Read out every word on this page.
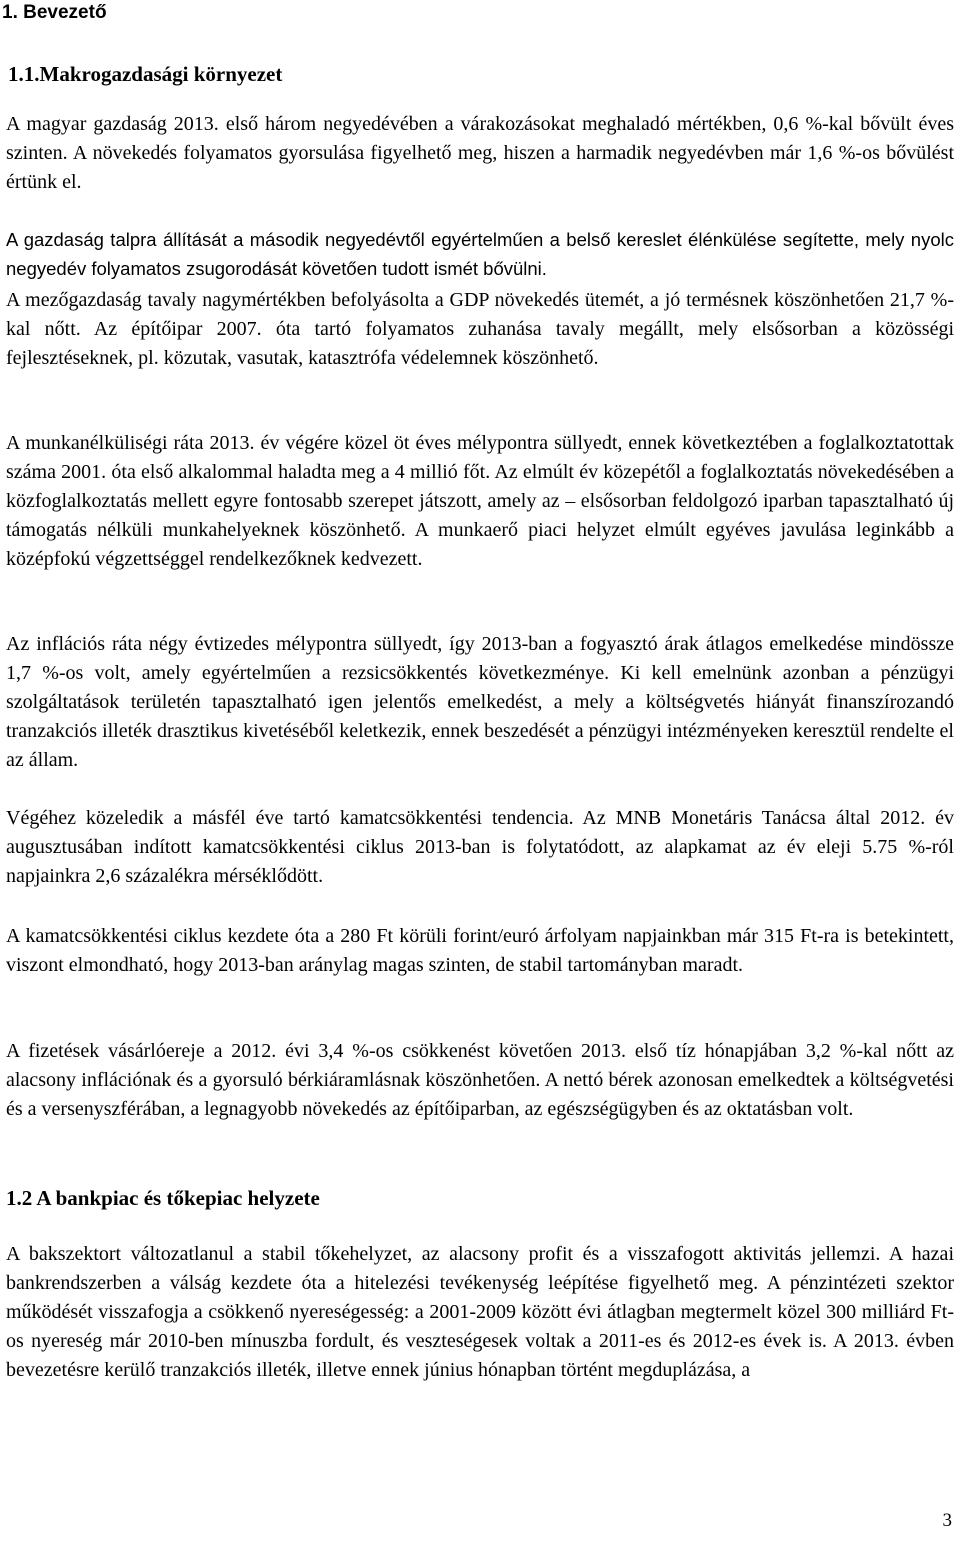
1. Bevezető
1.1.Makrogazdasági környezet

A magyar gazdaság 2013. első három negyedévében a várakozásokat meghaladó mértékben, 0,6 %-kal bővült éves szinten. A növekedés folyamatos gyorsulása figyelhető meg, hiszen a harmadik negyedévben már 1,6 %-os bővülést értünk el.

A gazdaság talpra állítását a második negyedévtől egyértelműen a belső kereslet élénkülése segítette, mely nyolc negyedév folyamatos zsugorodását követően tudott ismét bővülni.

A mezőgazdaság tavaly nagymértékben befolyásolta a GDP növekedés ütemét, a jó termésnek köszönhetően 21,7 %-kal nőtt. Az építőipar 2007. óta tartó folyamatos zuhanása tavaly megállt, mely elsősorban a közösségi fejlesztéseknek, pl. közutak, vasutak, katasztrófa védelemnek köszönhető.

A munkanélküliségi ráta 2013. év végére közel öt éves mélypontra süllyedt, ennek következtében a foglalkoztatottak száma 2001. óta első alkalommal haladta meg a 4 millió főt. Az elmúlt év közepétől a foglalkoztatás növekedésében a közfoglalkoztatás mellett egyre fontosabb szerepet játszott, amely az – elsősorban feldolgozó iparban tapasztalható új támogatás nélküli munkahelyeknek köszönhető. A munkaerő piaci helyzet elmúlt egyéves javulása leginkább a középfokú végzettséggel rendelkezőknek kedvezett.

Az inflációs ráta négy évtizedes mélypontra süllyedt, így 2013-ban a fogyasztó árak átlagos emelkedése mindössze 1,7 %-os volt, amely egyértelműen a rezsicsökkentés következménye. Ki kell emelnünk azonban a pénzügyi szolgáltatások területén tapasztalható igen jelentős emelkedést, a mely a költségvetés hiányát finanszírozandó tranzakciós illeték drasztikus kivetéséből keletkezik, ennek beszedését a pénzügyi intézményeken keresztül rendelte el az állam.

Végéhez közeledik a másfél éve tartó kamatcsökkentési tendencia. Az MNB Monetáris Tanácsa által 2012. év augusztusában indított kamatcsökkentési ciklus 2013-ban is folytatódott, az alapkamat az év eleji 5.75 %-ról napjainkra 2,6 százalékra mérséklődött.

A kamatcsökkentési ciklus kezdete óta a 280 Ft körüli forint/euró árfolyam napjainkban már 315 Ft-ra is betekintett, viszont elmondható, hogy 2013-ban aránylag magas szinten, de stabil tartományban maradt.

A fizetések vásárlóereje a 2012. évi 3,4 %-os csökkenést követően 2013. első tíz hónapjában 3,2 %-kal nőtt az alacsony inflációnak és a gyorsuló bérkiáramlásnak köszönhetően. A nettó bérek azonosan emelkedtek a költségvetési és a versenyszférában, a legnagyobb növekedés az építőiparban, az egészségügyben és az oktatásban volt.

1.2 A bankpiac és tőkepiac helyzete

A bakszektort változatlanul a stabil tőkehelyzet, az alacsony profit és a visszafogott aktivitás jellemzi. A hazai bankrendszerben a válság kezdete óta a hitelezési tevékenység leépítése figyelhető meg. A pénzintézeti szektor működését visszafogja a csökkenő nyereségesség: a 2001-2009 között évi átlagban megtermelt közel 300 milliárd Ft-os nyereség már 2010-ben mínuszba fordult, és veszteségesek voltak a 2011-es és 2012-es évek is. A 2013. évben bevezetésre kerülő tranzakciós illeték, illetve ennek június hónapban történt megduplázása, a

3
